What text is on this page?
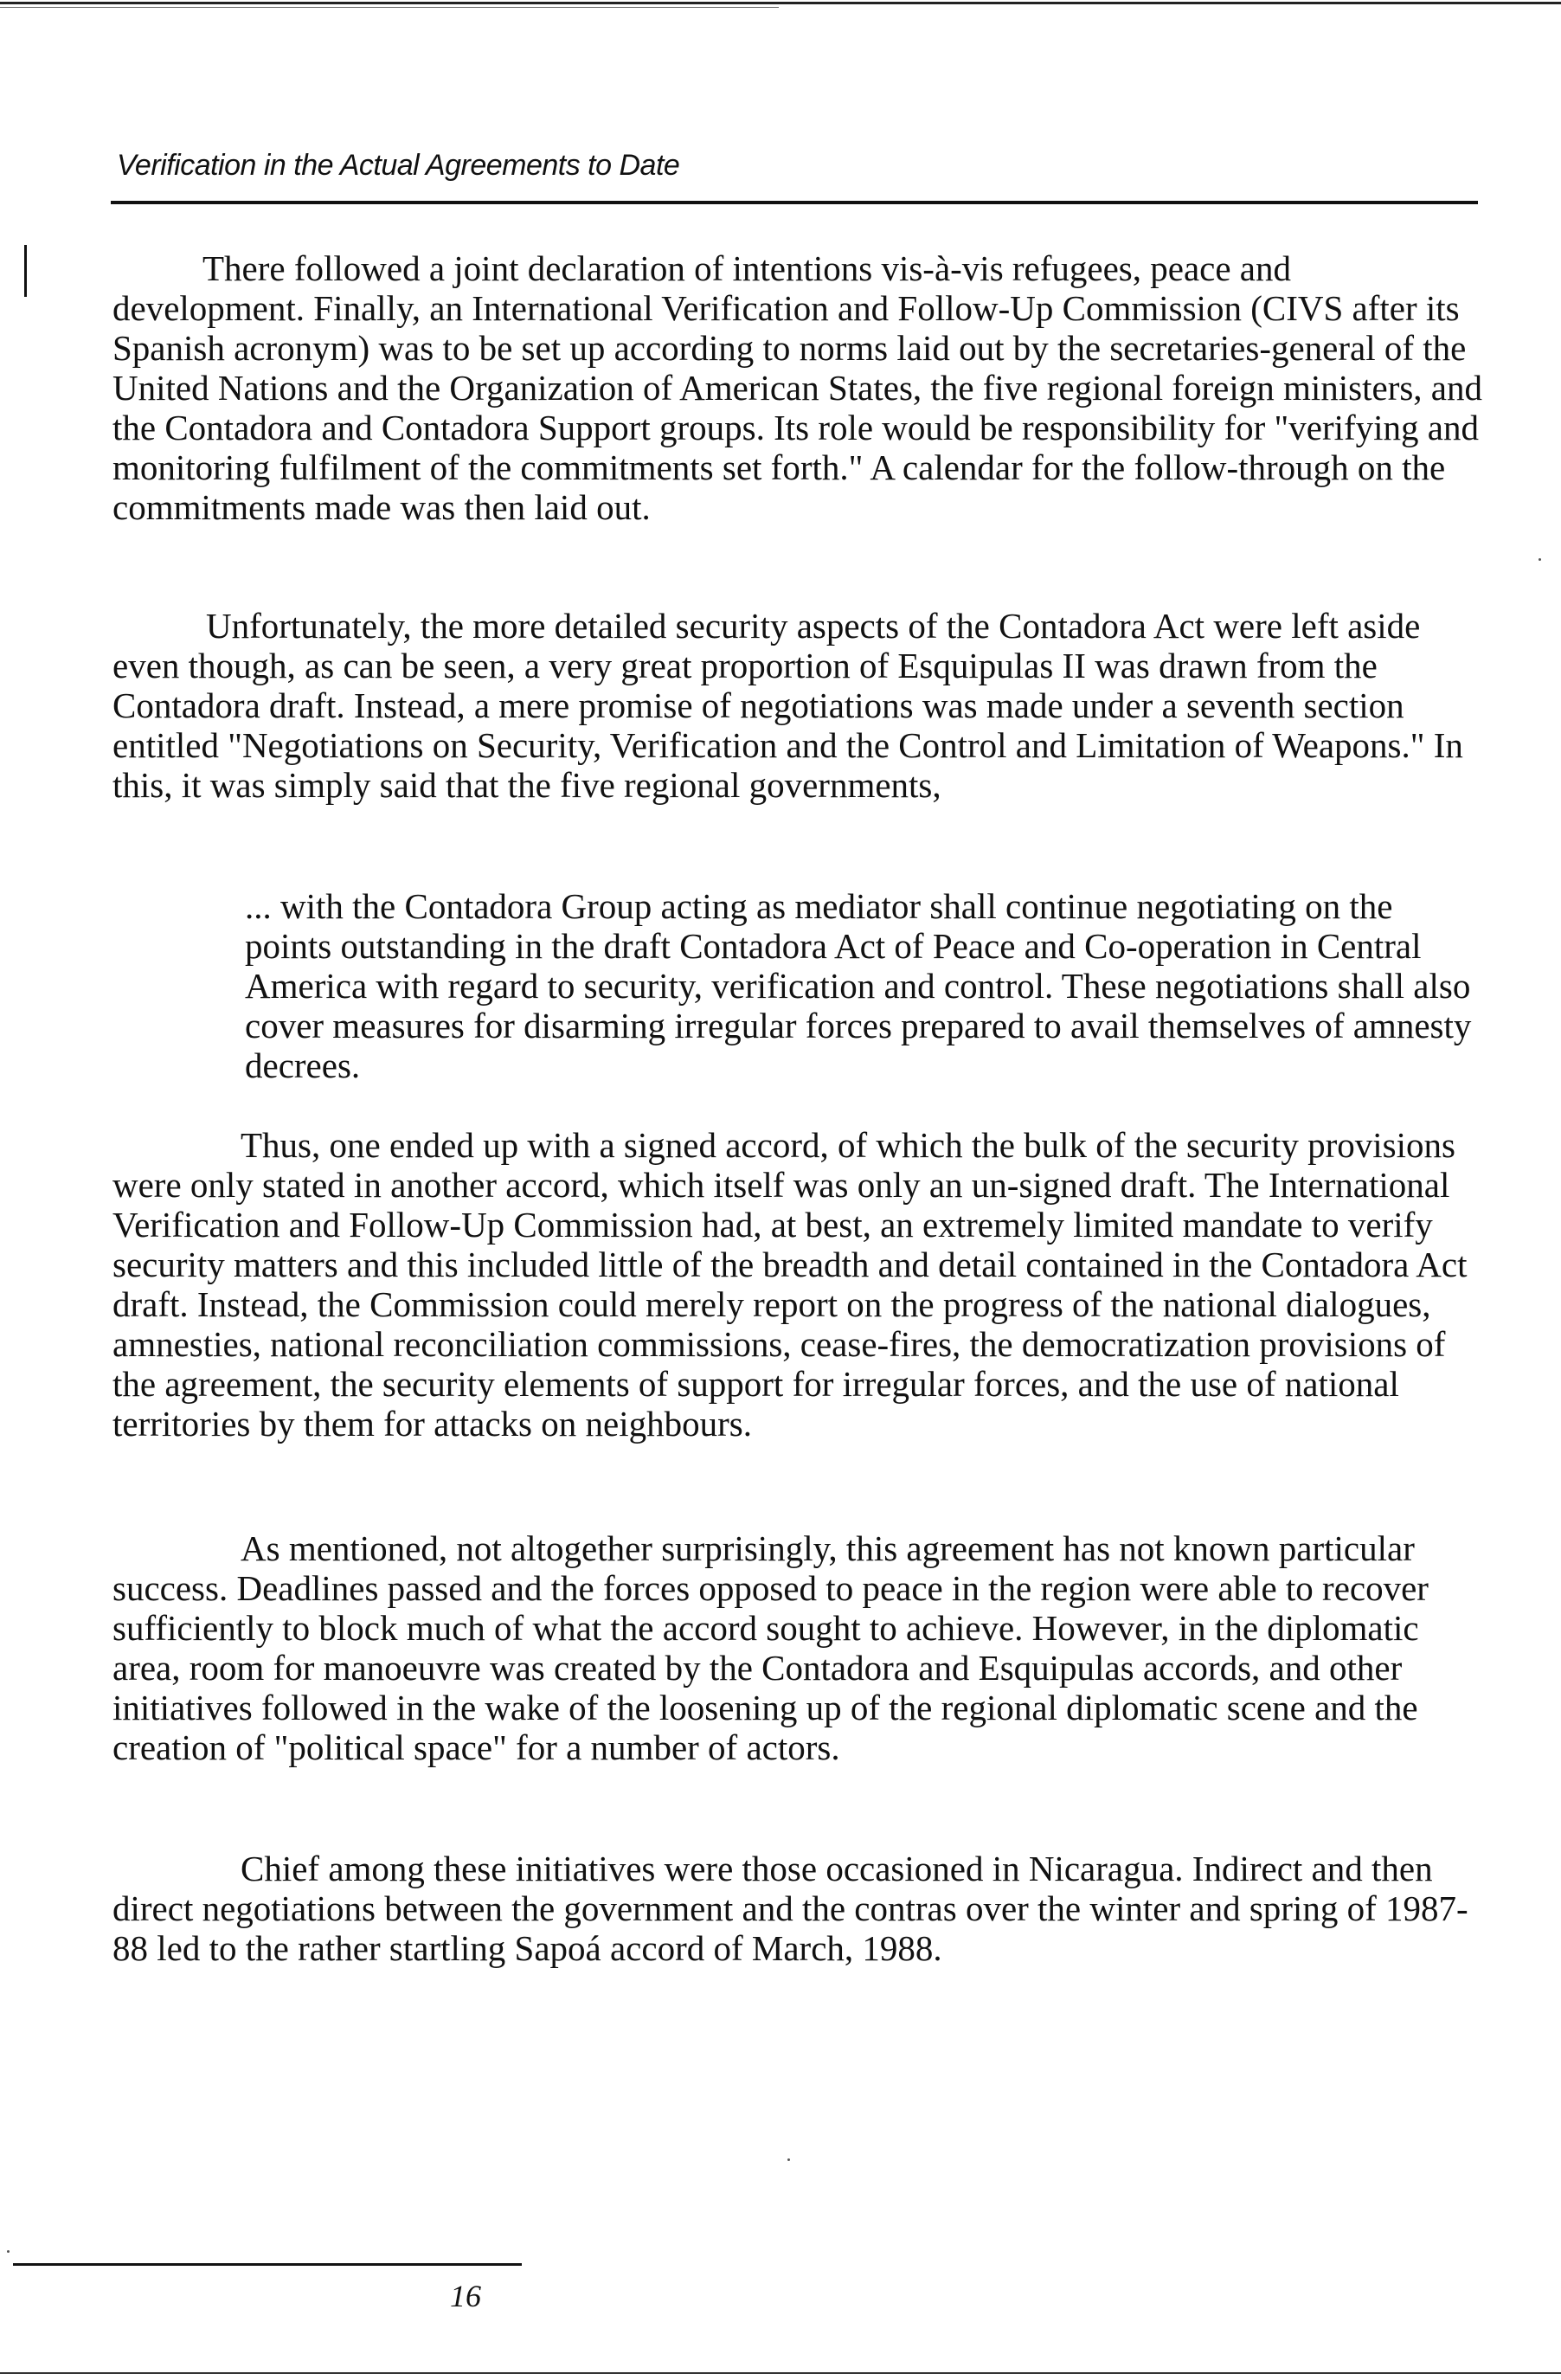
Verification in the Actual Agreements to Date

There followed a joint declaration of intentions vis-à-vis refugees, peace and development. Finally, an International Verification and Follow-Up Commission (CIVS after its Spanish acronym) was to be set up according to norms laid out by the secretaries-general of the United Nations and the Organization of American States, the five regional foreign ministers, and the Contadora and Contadora Support groups. Its role would be responsibility for "verifying and monitoring fulfilment of the commitments set forth." A calendar for the follow-through on the commitments made was then laid out.

Unfortunately, the more detailed security aspects of the Contadora Act were left aside even though, as can be seen, a very great proportion of Esquipulas II was drawn from the Contadora draft. Instead, a mere promise of negotiations was made under a seventh section entitled "Negotiations on Security, Verification and the Control and Limitation of Weapons." In this, it was simply said that the five regional governments,

... with the Contadora Group acting as mediator shall continue negotiating on the points outstanding in the draft Contadora Act of Peace and Co-operation in Central America with regard to security, verification and control. These negotiations shall also cover measures for disarming irregular forces prepared to avail themselves of amnesty decrees.

Thus, one ended up with a signed accord, of which the bulk of the security provisions were only stated in another accord, which itself was only an un-signed draft. The International Verification and Follow-Up Commission had, at best, an extremely limited mandate to verify security matters and this included little of the breadth and detail contained in the Contadora Act draft. Instead, the Commission could merely report on the progress of the national dialogues, amnesties, national reconciliation commissions, cease-fires, the democratization provisions of the agreement, the security elements of support for irregular forces, and the use of national territories by them for attacks on neighbours.

As mentioned, not altogether surprisingly, this agreement has not known particular success. Deadlines passed and the forces opposed to peace in the region were able to recover sufficiently to block much of what the accord sought to achieve. However, in the diplomatic area, room for manoeuvre was created by the Contadora and Esquipulas accords, and other initiatives followed in the wake of the loosening up of the regional diplomatic scene and the creation of "political space" for a number of actors.

Chief among these initiatives were those occasioned in Nicaragua. Indirect and then direct negotiations between the government and the contras over the winter and spring of 1987-88 led to the rather startling Sapoá accord of March, 1988.

16
